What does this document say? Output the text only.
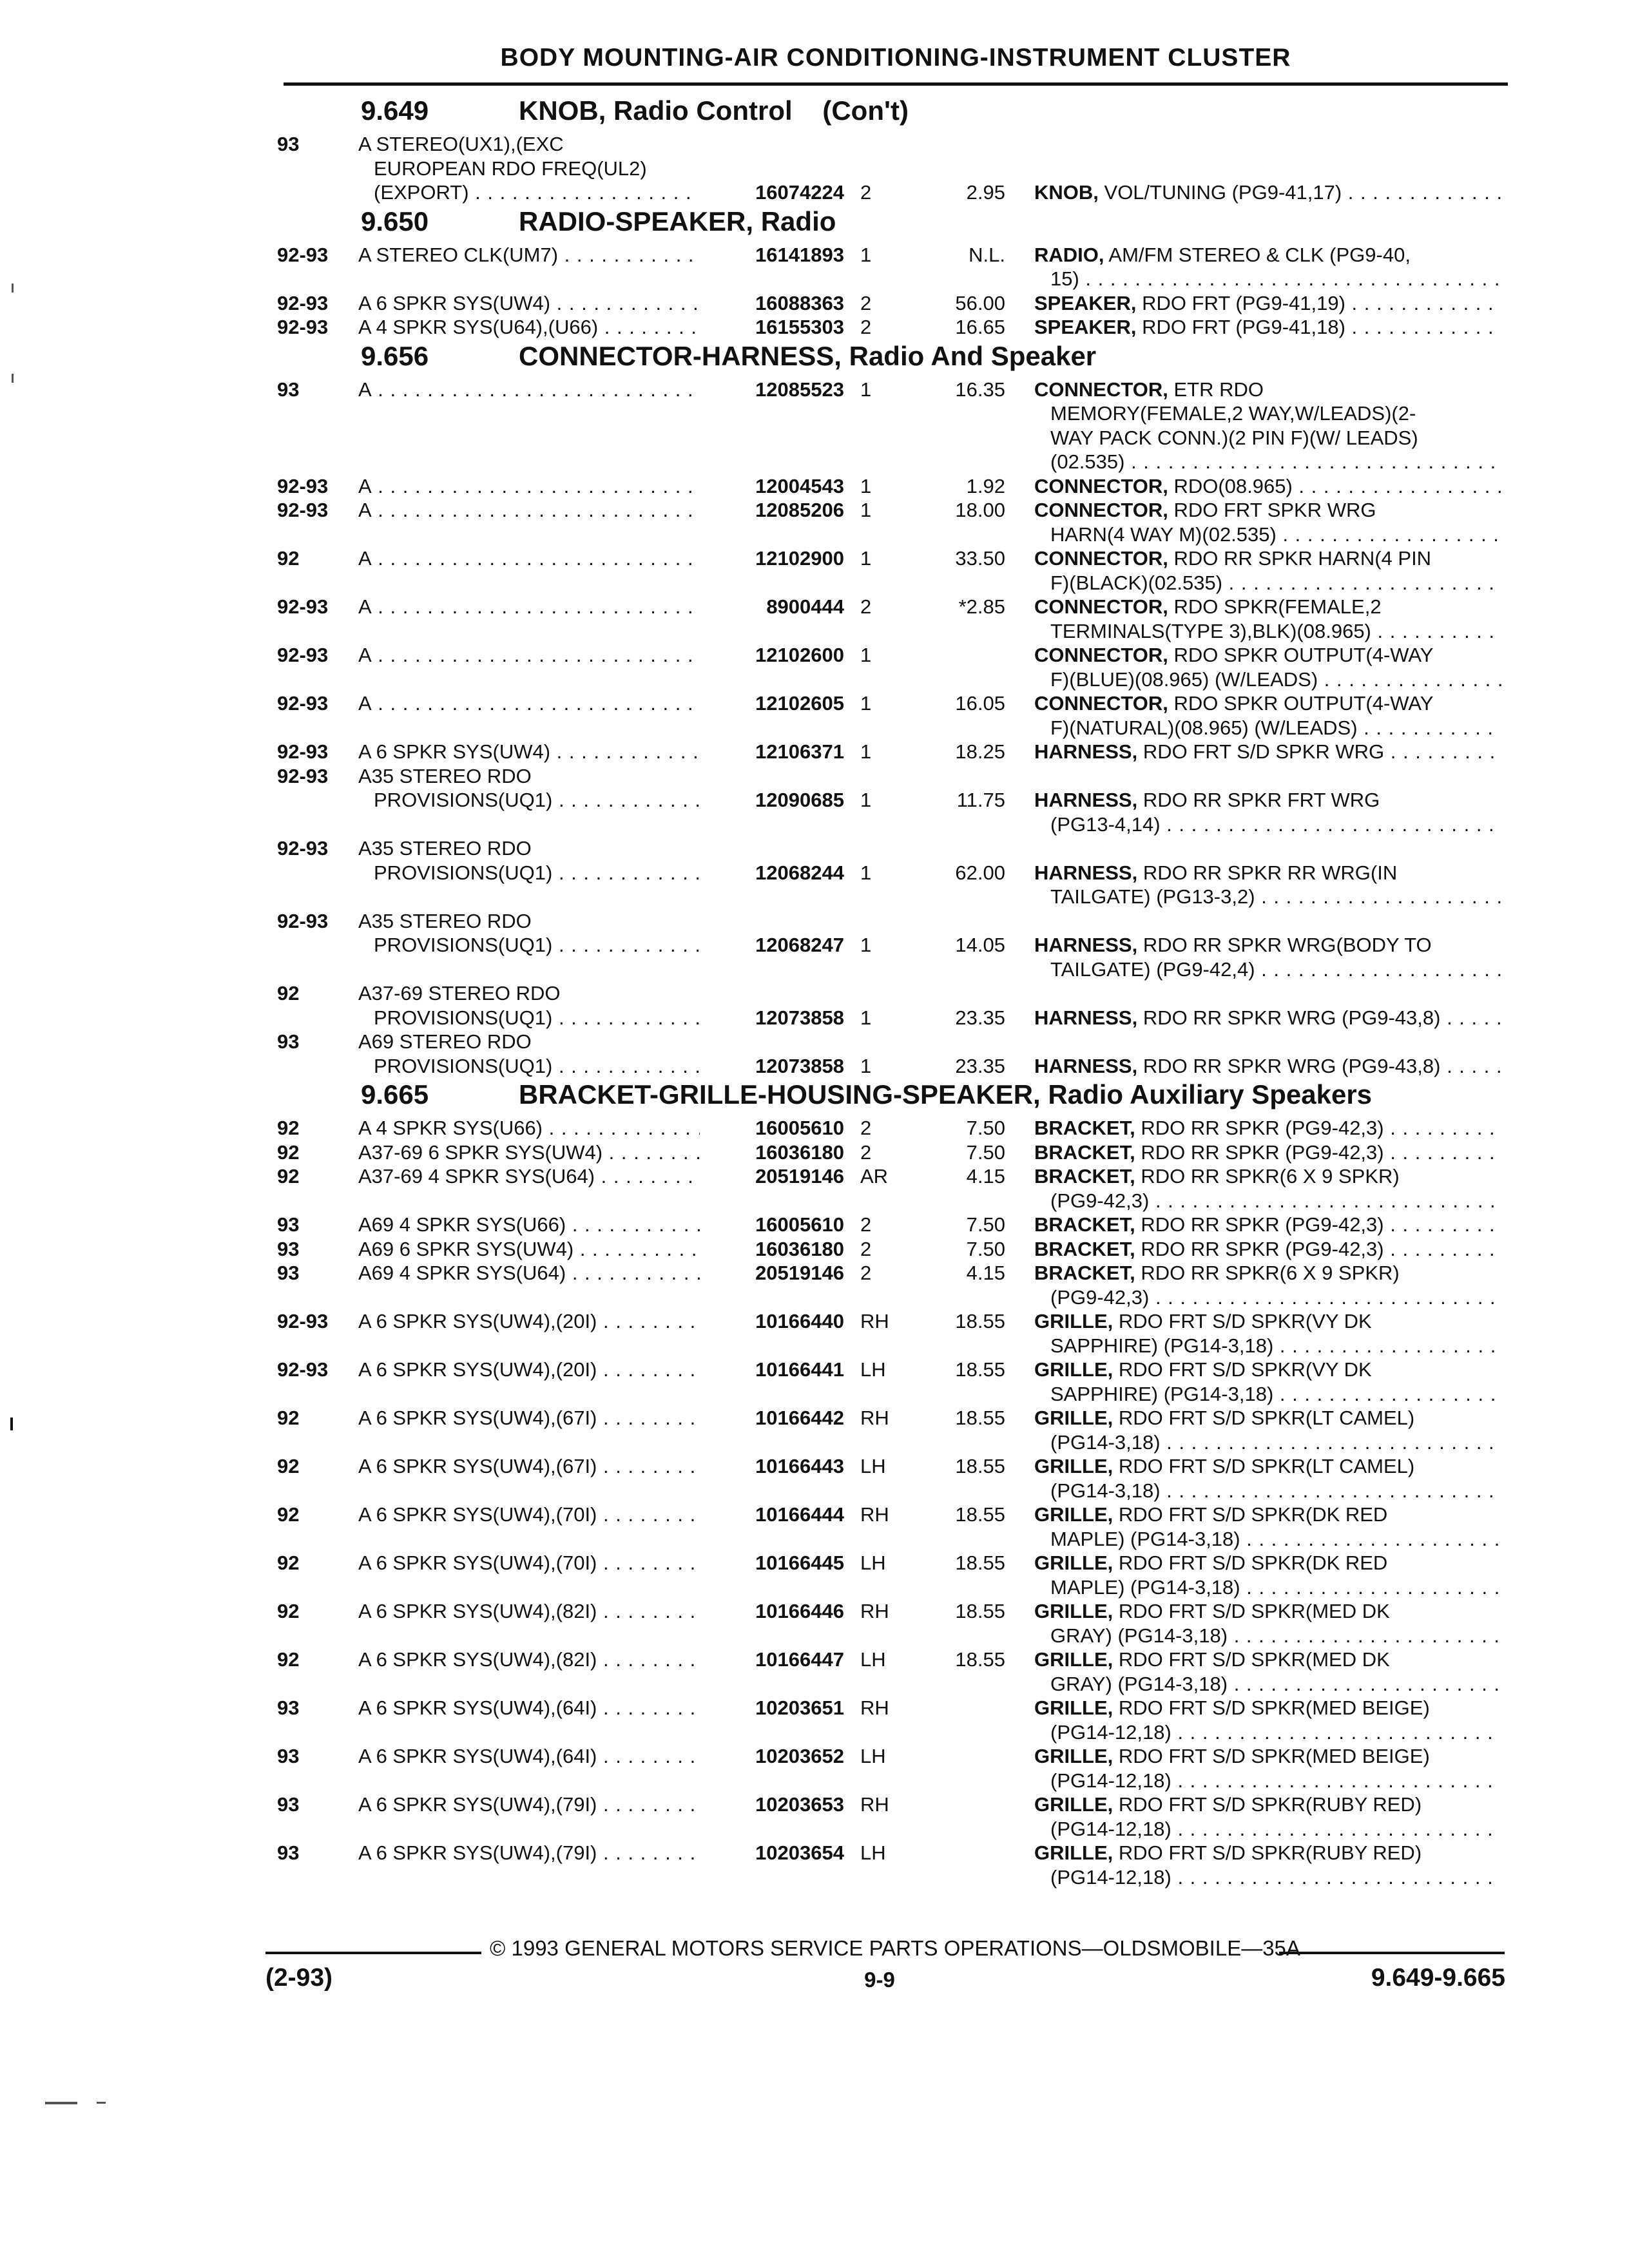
BODY MOUNTING-AIR CONDITIONING-INSTRUMENT CLUSTER
9.649	KNOB, Radio Control (Con't)
93	A STEREO(UX1),(EXC
EUROPEAN RDO FREQ(UL2)
(EXPORT) . . .	16074224 2	2.95 KNOB, VOL/TUNING (PG9-41,17) . . .
9.650	RADIO-SPEAKER, Radio
92-93	A STEREO CLK(UM7) . . .	16141893 1	N.L. RADIO, AM/FM STEREO & CLK (PG9-40,
15) . . .
92-93	A 6 SPKR SYS(UW4) . . .	16088363 2	56.00 SPEAKER, RDO FRT (PG9-41,19) . . .
92-93	A 4 SPKR SYS(U64),(U66) . . .	16155303 2	16.65 SPEAKER, RDO FRT (PG9-41,18) . . .
9.656	CONNECTOR-HARNESS, Radio And Speaker
93	A . . .	12085523 1	16.35 CONNECTOR, ETR RDO
MEMORY(FEMALE,2 WAY,W/LEADS)(2-
WAY PACK CONN.)(2 PIN F)(W/ LEADS)
(02.535) . . .
92-93	A . . .	12004543 1	1.92 CONNECTOR, RDO(08.965) . . .
92-93	A . . .	12085206 1	18.00 CONNECTOR, RDO FRT SPKR WRG
HARN(4 WAY M)(02.535) . . .
92	A . . .	12102900 1	33.50 CONNECTOR, RDO RR SPKR HARN(4 PIN
F)(BLACK)(02.535) . . .
92-93	A . . .	8900444 2	*2.85 CONNECTOR, RDO SPKR(FEMALE,2
TERMINALS(TYPE 3),BLK)(08.965) . . .
92-93	A . . .	12102600 1	CONNECTOR, RDO SPKR OUTPUT(4-WAY
F)(BLUE)(08.965) (W/LEADS) . . .
92-93	A . . .	12102605 1	16.05 CONNECTOR, RDO SPKR OUTPUT(4-WAY
F)(NATURAL)(08.965) (W/LEADS) . . .
92-93	A 6 SPKR SYS(UW4) . . .	12106371 1	18.25 HARNESS, RDO FRT S/D SPKR WRG . . .
92-93	A35 STEREO RDO
PROVISIONS(UQ1) . . .	12090685 1	11.75 HARNESS, RDO RR SPKR FRT WRG
(PG13-4,14) . . .
92-93	A35 STEREO RDO
PROVISIONS(UQ1) . . .	12068244 1	62.00 HARNESS, RDO RR SPKR RR WRG(IN
TAILGATE) (PG13-3,2) . . .
92-93	A35 STEREO RDO
PROVISIONS(UQ1) . . .	12068247 1	14.05 HARNESS, RDO RR SPKR WRG(BODY TO
TAILGATE) (PG9-42,4) . . .
92	A37-69 STEREO RDO
PROVISIONS(UQ1) . . .	12073858 1	23.35 HARNESS, RDO RR SPKR WRG (PG9-43,8) . . .
93	A69 STEREO RDO
PROVISIONS(UQ1) . . .	12073858 1	23.35 HARNESS, RDO RR SPKR WRG (PG9-43,8) . . .
9.665	BRACKET-GRILLE-HOUSING-SPEAKER, Radio Auxiliary Speakers
92	A 4 SPKR SYS(U66) . . .	16005610 2	7.50 BRACKET, RDO RR SPKR (PG9-42,3) . . .
92	A37-69 6 SPKR SYS(UW4) . . .	16036180 2	7.50 BRACKET, RDO RR SPKR (PG9-42,3) . . .
92	A37-69 4 SPKR SYS(U64) . . .	20519146 AR	4.15 BRACKET, RDO RR SPKR(6 X 9 SPKR)
(PG9-42,3) . . .
93	A69 4 SPKR SYS(U66) . . .	16005610 2	7.50 BRACKET, RDO RR SPKR (PG9-42,3) . . .
93	A69 6 SPKR SYS(UW4) . . .	16036180 2	7.50 BRACKET, RDO RR SPKR (PG9-42,3) . . .
93	A69 4 SPKR SYS(U64) . . .	20519146 2	4.15 BRACKET, RDO RR SPKR(6 X 9 SPKR)
(PG9-42,3) . . .
92-93	A 6 SPKR SYS(UW4),(20I) . . .	10166440 RH	18.55 GRILLE, RDO FRT S/D SPKR(VY DK
SAPPHIRE) (PG14-3,18) . . .
92-93	A 6 SPKR SYS(UW4),(20I) . . .	10166441 LH	18.55 GRILLE, RDO FRT S/D SPKR(VY DK
SAPPHIRE) (PG14-3,18) . . .
92	A 6 SPKR SYS(UW4),(67I) . . .	10166442 RH	18.55 GRILLE, RDO FRT S/D SPKR(LT CAMEL)
(PG14-3,18) . . .
92	A 6 SPKR SYS(UW4),(67I) . . .	10166443 LH	18.55 GRILLE, RDO FRT S/D SPKR(LT CAMEL)
(PG14-3,18) . . .
92	A 6 SPKR SYS(UW4),(70I) . . .	10166444 RH	18.55 GRILLE, RDO FRT S/D SPKR(DK RED
MAPLE) (PG14-3,18) . . .
92	A 6 SPKR SYS(UW4),(70I) . . .	10166445 LH	18.55 GRILLE, RDO FRT S/D SPKR(DK RED
MAPLE) (PG14-3,18) . . .
92	A 6 SPKR SYS(UW4),(82I) . . .	10166446 RH	18.55 GRILLE, RDO FRT S/D SPKR(MED DK
GRAY) (PG14-3,18) . . .
92	A 6 SPKR SYS(UW4),(82I) . . .	10166447 LH	18.55 GRILLE, RDO FRT S/D SPKR(MED DK
GRAY) (PG14-3,18) . . .
93	A 6 SPKR SYS(UW4),(64I) . . .	10203651 RH	GRILLE, RDO FRT S/D SPKR(MED BEIGE)
(PG14-12,18) . . .
93	A 6 SPKR SYS(UW4),(64I) . . .	10203652 LH	GRILLE, RDO FRT S/D SPKR(MED BEIGE)
(PG14-12,18) . . .
93	A 6 SPKR SYS(UW4),(79I) . . .	10203653 RH	GRILLE, RDO FRT S/D SPKR(RUBY RED)
(PG14-12,18) . . .
93	A 6 SPKR SYS(UW4),(79I) . . .	10203654 LH	GRILLE, RDO FRT S/D SPKR(RUBY RED)
(PG14-12,18) . . .
© 1993 GENERAL MOTORS SERVICE PARTS OPERATIONS—OLDSMOBILE—35A
(2-93)	9-9	9.649-9.665
